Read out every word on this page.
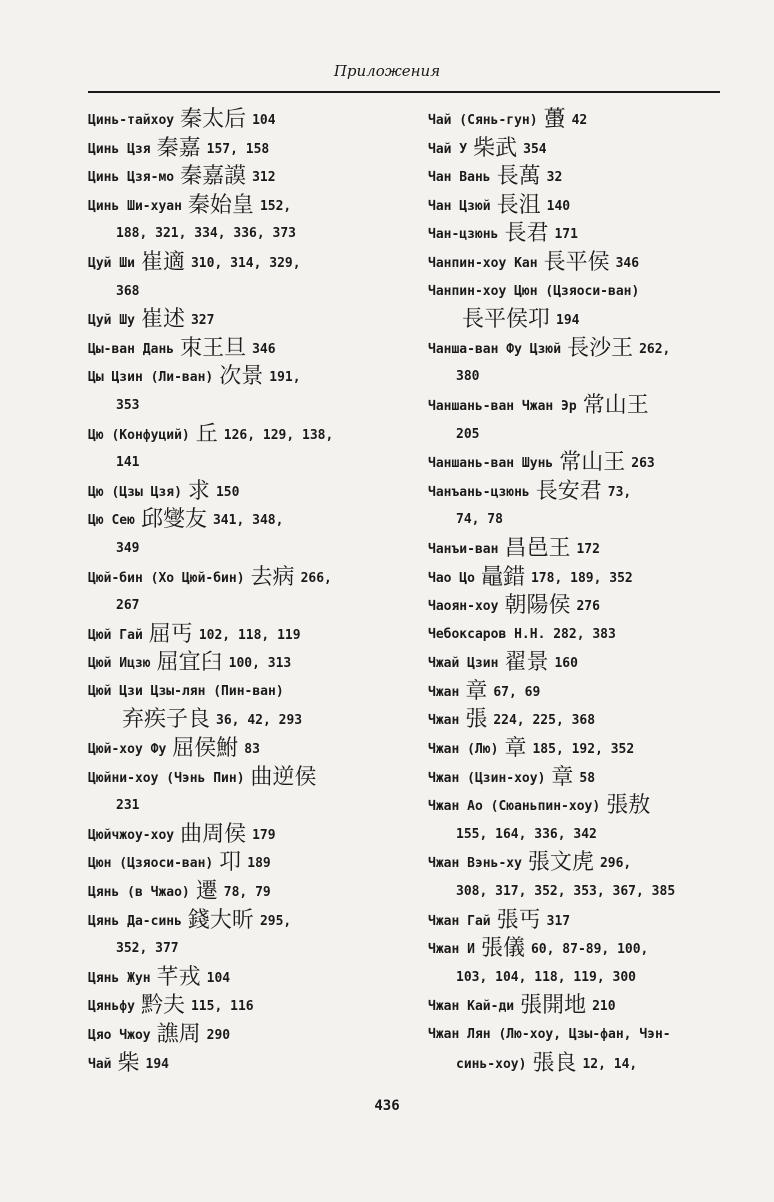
Приложения
Цинь-тайхоу 秦太后 104
Цинь Цзя 秦嘉 157, 158
Цинь Цзя-мо 秦嘉謨 312
Цинь Ши-хуан 秦始皇 152,
188, 321, 334, 336, 373
Цуй Ши 崔適 310, 314, 329,
368
Цуй Шу 崔述 327
Цы-ван Дань 朿王旦 346
Цы Цзин (Ли-ван) 次景 191,
353
Цю (Конфуций) 丘 126, 129, 138,
141
Цю (Цзы Цзя) 求 150
Цю Сею 邱燮友 341, 348,
349
Цюй-бин (Хо Цюй-бин) 去病 266,
267
Цюй Гай 屈丐 102, 118, 119
Цюй Ицзю 屈宜臼 100, 313
Цюй Цзи Цзы-лян (Пин-ван)
弃疾子良 36, 42, 293
Цюй-хоу Фу 屈侯鮒 83
Цюйни-хоу (Чэнь Пин) 曲逆侯
231
Цюйчжоу-хоу 曲周侯 179
Цюн (Цзяоси-ван) 卭 189
Цянь (в Чжао) 遷 78, 79
Цянь Да-синь 錢大昕 295,
352, 377
Цянь Жун 芊戎 104
Цяньфу 黔夫 115, 116
Цяо Чжоу 譙周 290
Чай 柴 194
Чай (Сянь-гун) 蠆 42
Чай У 柴武 354
Чан Вань 長萬 32
Чан Цзюй 長沮 140
Чан-цзюнь 長君 171
Чанпин-хоу Кан 長平侯 346
Чанпин-хоу Цюн (Цзяоси-ван)
長平侯卭 194
Чанша-ван Фу Цзюй 長沙王 262,
380
Чаншань-ван Чжан Эр 常山王
205
Чаншань-ван Шунь 常山王 263
Чанъань-цзюнь 長安君 73,
74, 78
Чанъи-ван 昌邑王 172
Чао Цо 鼂錯 178, 189, 352
Чаоян-хоу 朝陽侯 276
Чебоксаров Н.Н. 282, 383
Чжай Цзин 翟景 160
Чжан 章 67, 69
Чжан 張 224, 225, 368
Чжан (Лю) 章 185, 192, 352
Чжан (Цзин-хоу) 章 58
Чжан Ао (Сюаньпин-хоу) 張敖
155, 164, 336, 342
Чжан Вэнь-ху 張文虎 296,
308, 317, 352, 353, 367, 385
Чжан Гай 張丐 317
Чжан И 張儀 60, 87-89, 100,
103, 104, 118, 119, 300
Чжан Кай-ди 張開地 210
Чжан Лян (Лю-хоу, Цзы-фан, Чэн-
синь-хоу) 張良 12, 14,
436
